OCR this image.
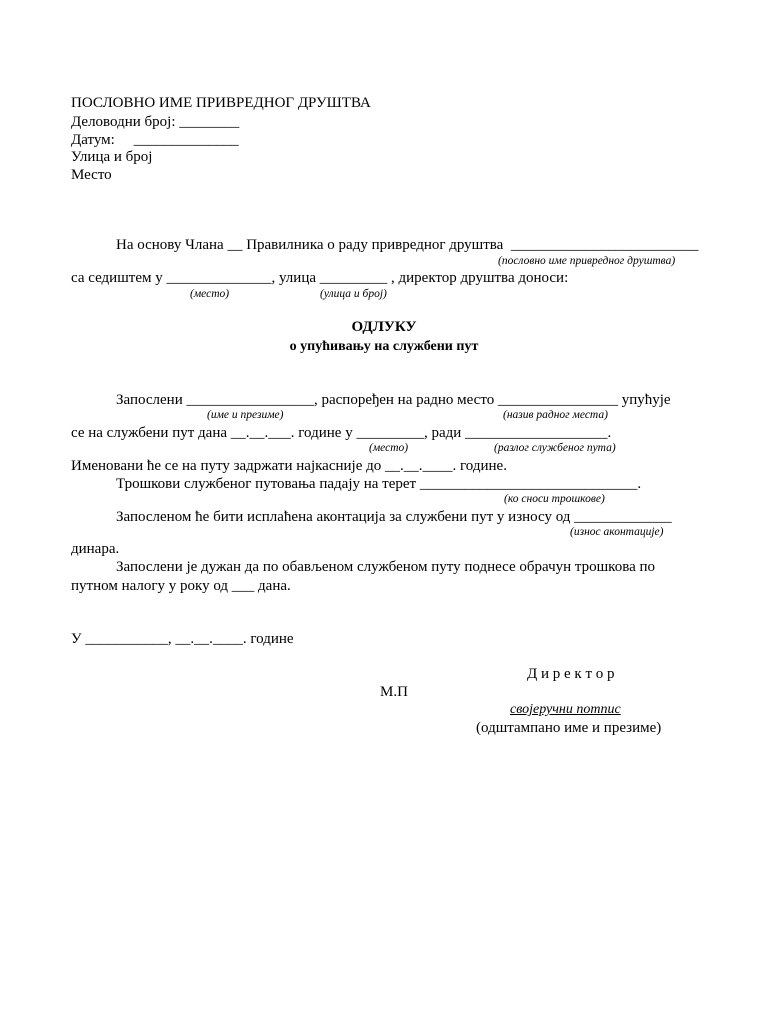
ПОСЛОВНО ИМЕ ПРИВРЕДНОГ ДРУШТВА
Деловодни број: ________
Датум:     ______________
Улица и број
Место
На основу Члана __ Правилника о раду привредног друштва  _________________________
(пословно име привредног друштва)
са седиштем у ______________, улица _________ , директор друштва доноси:
(место)	(улица и број)
ОДЛУКУ
о упућивању на службени пут
Запослени _________________, распоређен на радно место ________________ упућује
(име и презиме)	(назив радног места)
се на службени пут дана __.__.___. године у _________, ради ___________________.
(место)	(разлог службеног пута)
Именовани ће се на путу задржати најкасније до __.__.____. године.
Трошкови службеног путовања падају на терет _____________________________.
(ко сноси трошкове)
Запосленом ће бити исплаћена аконтација за службени пут у износу од _____________
(износ аконтације)
динара.
Запослени је дужан да по обављеном службеном путу поднесе обрачун трошкова по
путном налогу у року од ___ дана.
У ___________, __.__.____. године
Д и р е к т о р
М.П
својеручни потпис
(одштампано име и презиме)
